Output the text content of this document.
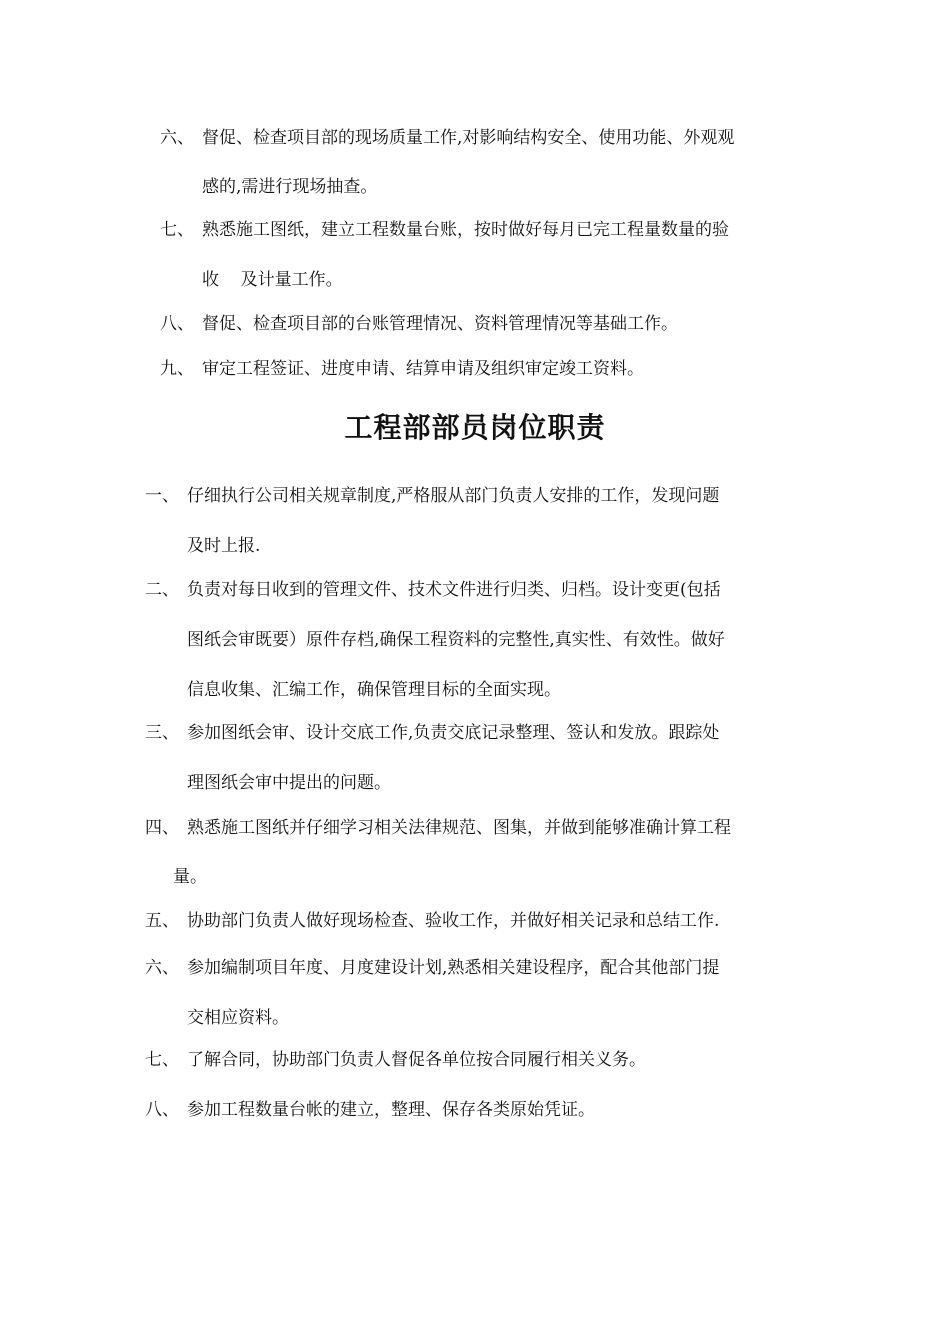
六、 督促、检查项目部的现场质量工作,对影响结构安全、使用功能、外观观
感的,需进行现场抽查。
七、 熟悉施工图纸，建立工程数量台账，按时做好每月已完工程量数量的验
收    及计量工作。
八、 督促、检查项目部的台账管理情况、资料管理情况等基础工作。
九、 审定工程签证、进度申请、结算申请及组织审定竣工资料。
工程部部员岗位职责
一、 仔细执行公司相关规章制度,严格服从部门负责人安排的工作，发现问题
及时上报.
二、 负责对每日收到的管理文件、技术文件进行归类、归档。设计变更(包括
图纸会审既要）原件存档,确保工程资料的完整性,真实性、有效性。做好
信息收集、汇编工作，确保管理目标的全面实现。
三、 参加图纸会审、设计交底工作,负责交底记录整理、签认和发放。跟踪处
理图纸会审中提出的问题。
四、 熟悉施工图纸并仔细学习相关法律规范、图集，并做到能够准确计算工程
量。
五、 协助部门负责人做好现场检查、验收工作，并做好相关记录和总结工作.
六、 参加编制项目年度、月度建设计划,熟悉相关建设程序，配合其他部门提
交相应资料。
七、 了解合同，协助部门负责人督促各单位按合同履行相关义务。
八、 参加工程数量台帐的建立，整理、保存各类原始凭证。
